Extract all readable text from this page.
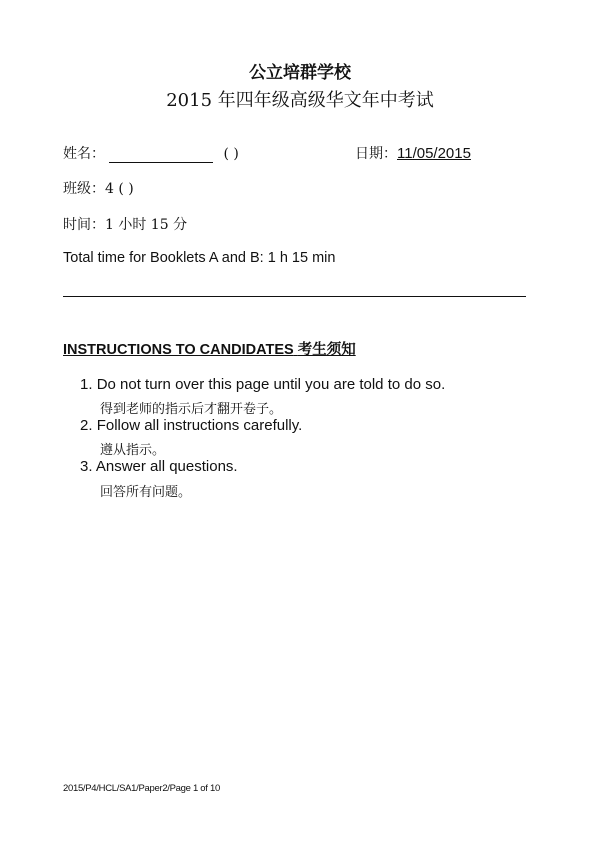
公立培群学校
2015 年四年级高级华文年中考试
姓名：	( )	日期：11/05/2015
班级：4 ( )
时间：1 小时 15 分
Total time for Booklets A and B: 1 h 15 min
INSTRUCTIONS TO CANDIDATES 考生须知
1. Do not turn over this page until you are told to do so.
得到老师的指示后才翻开卷子。
2. Follow all instructions carefully.
遵从指示。
3. Answer all questions.
回答所有问题。
2015/P4/HCL/SA1/Paper2/Page 1 of 10
